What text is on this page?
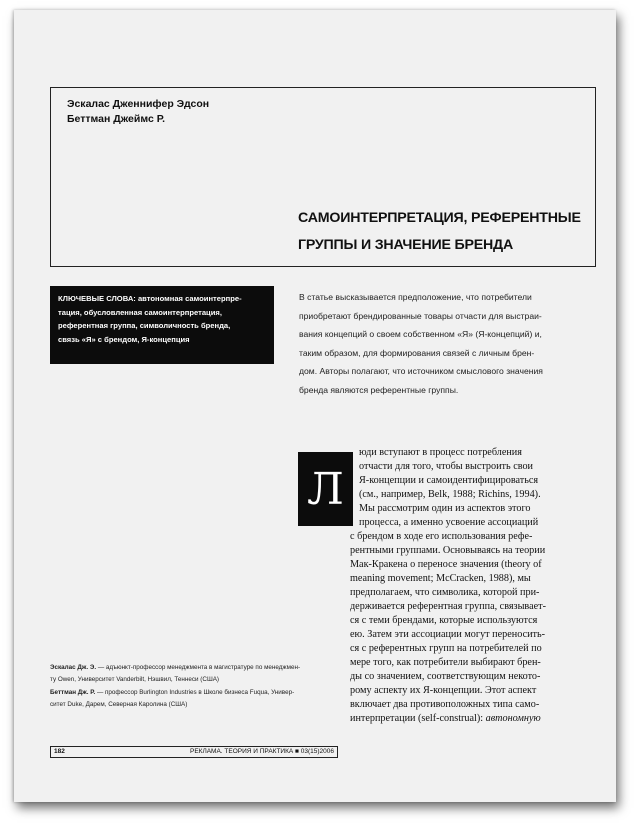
Эскалас Дженнифер Эдсон
Беттман Джеймс Р.
САМОИНТЕРПРЕТАЦИЯ, РЕФЕРЕНТНЫЕ
ГРУППЫ И ЗНАЧЕНИЕ БРЕНДА
КЛЮЧЕВЫЕ СЛОВА: автономная самоинтерпре-
тация, обусловленная самоинтерпретация,
референтная группа, символичность бренда,
связь «Я» с брендом, Я-концепция
В статье высказывается предположение, что потребители
приобретают брендированные товары отчасти для выстраи-
вания концепций о своем собственном «Я» (Я-концепций) и,
таким образом, для формирования связей с личным брен-
дом. Авторы полагают, что источником смыслового значения
бренда являются референтные группы.
Л
юди вступают в процесс потребления
отчасти для того, чтобы выстроить свои
Я-концепции и самоидентифицироваться
(см., например, Belk, 1988; Richins, 1994).
Мы рассмотрим один из аспектов этого
процесса, а именно усвоение ассоциаций
с брендом в ходе его использования рефе-
рентными группами. Основываясь на теории
Мак-Кракена о переносе значения (theory of
meaning movement; McCracken, 1988), мы
предполагаем, что символика, которой при-
держивается референтная группа, связывает-
ся с теми брендами, которые используются
ею. Затем эти ассоциации могут переносить-
ся с референтных групп на потребителей по
мере того, как потребители выбирают брен-
ды со значением, соответствующим некото-
рому аспекту их Я-концепции. Этот аспект
включает два противоположных типа само-
интерпретации (self-construal): автономную
Эскалас Дж. Э. — адъюнкт-профессор менеджмента в магистратуре по менеджмен-
ту Owen, Университет Vanderbilt, Нэшвил, Теннеси (США)
Беттман Дж. Р. — профессор Burlington Industries в Школе бизнеса Fuqua, Универ-
ситет Duke, Дарем, Северная Каролина (США)
182	РЕКЛАМА. ТЕОРИЯ И ПРАКТИКА ■ 03(15)2006
